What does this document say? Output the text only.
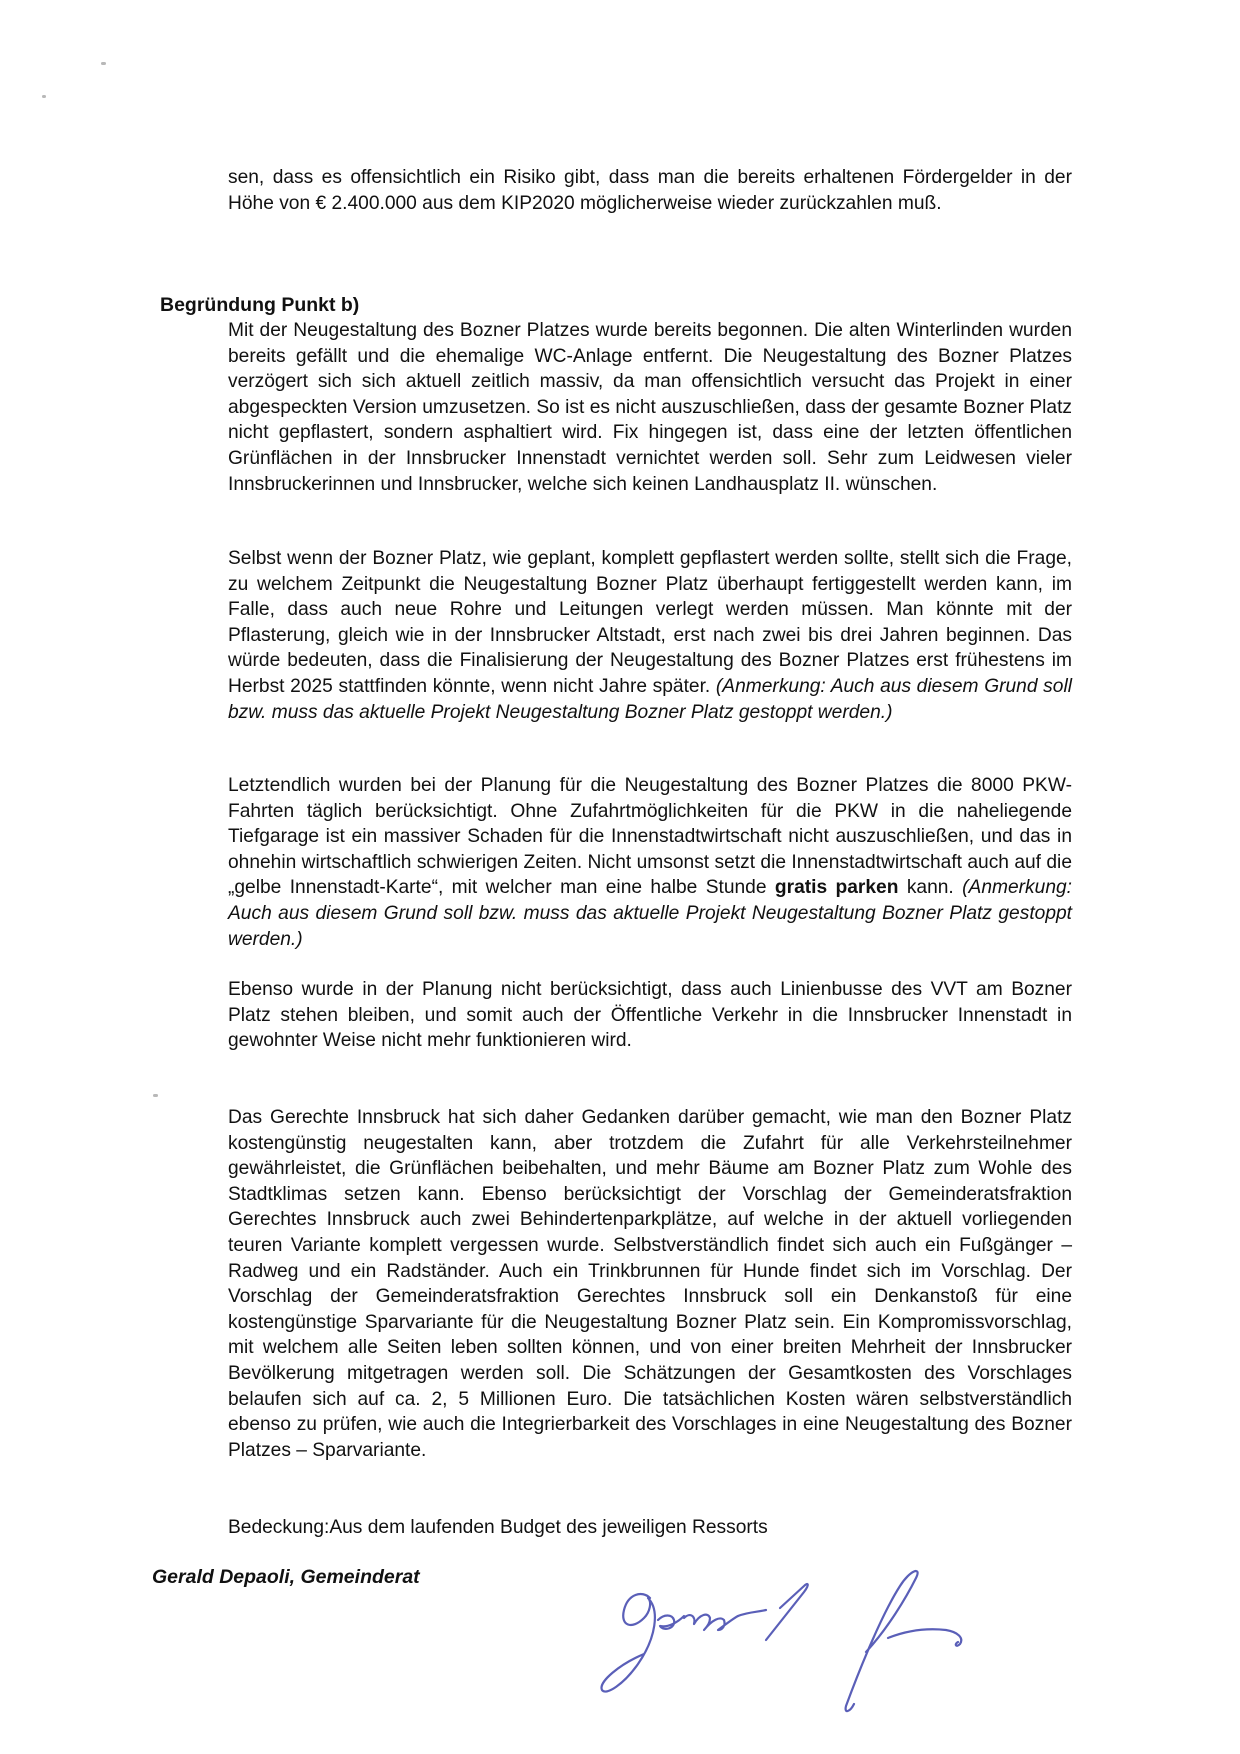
sen, dass es offensichtlich ein Risiko gibt, dass man die bereits erhaltenen Fördergelder in der Höhe von € 2.400.000 aus dem KIP2020 möglicherweise wieder zurückzahlen muß.

Begründung Punkt b)

Mit der Neugestaltung des Bozner Platzes wurde bereits begonnen. Die alten Winterlinden wurden bereits gefällt und die ehemalige WC-Anlage entfernt. Die Neugestaltung des Bozner Platzes verzögert sich sich aktuell zeitlich massiv, da man offensichtlich versucht das Projekt in einer abgespeckten Version umzusetzen. So ist es nicht auszuschließen, dass der gesamte Bozner Platz nicht gepflastert, sondern asphaltiert wird. Fix hingegen ist, dass eine der letzten öffentlichen Grünflächen in der Innsbrucker Innenstadt vernichtet werden soll. Sehr zum Leidwesen vieler Innsbruckerinnen und Innsbrucker, welche sich keinen Landhausplatz II. wünschen.

Selbst wenn der Bozner Platz, wie geplant, komplett gepflastert werden sollte, stellt sich die Frage, zu welchem Zeitpunkt die Neugestaltung Bozner Platz überhaupt fertiggestellt werden kann, im Falle, dass auch neue Rohre und Leitungen verlegt werden müssen. Man könnte mit der Pflasterung, gleich wie in der Innsbrucker Altstadt, erst nach zwei bis drei Jahren beginnen. Das würde bedeuten, dass die Finalisierung der Neugestaltung des Bozner Platzes erst frühestens im Herbst 2025 stattfinden könnte, wenn nicht Jahre später. (Anmerkung: Auch aus diesem Grund soll bzw. muss das aktuelle Projekt Neugestaltung Bozner Platz gestoppt werden.)

Letztendlich wurden bei der Planung für die Neugestaltung des Bozner Platzes die 8000 PKW-Fahrten täglich berücksichtigt. Ohne Zufahrtmöglichkeiten für die PKW in die naheliegende Tiefgarage ist ein massiver Schaden für die Innenstadtwirtschaft nicht auszuschließen, und das in ohnehin wirtschaftlich schwierigen Zeiten. Nicht umsonst setzt die Innenstadtwirtschaft auch auf die „gelbe Innenstadt-Karte“, mit welcher man eine halbe Stunde gratis parken kann. (Anmerkung: Auch aus diesem Grund soll bzw. muss das aktuelle Projekt Neugestaltung Bozner Platz gestoppt werden.)

Ebenso wurde in der Planung nicht berücksichtigt, dass auch Linienbusse des VVT am Bozner Platz stehen bleiben, und somit auch der Öffentliche Verkehr in die Innsbrucker Innenstadt in gewohnter Weise nicht mehr funktionieren wird.

Das Gerechte Innsbruck hat sich daher Gedanken darüber gemacht, wie man den Bozner Platz kostengünstig neugestalten kann, aber trotzdem die Zufahrt für alle Verkehrsteilnehmer gewährleistet, die Grünflächen beibehalten, und mehr Bäume am Bozner Platz zum Wohle des Stadtklimas setzen kann. Ebenso berücksichtigt der Vorschlag der Gemeinderatsfraktion Gerechtes Innsbruck auch zwei Behindertenparkplätze, auf welche in der aktuell vorliegenden teuren Variante komplett vergessen wurde. Selbstverständlich findet sich auch ein Fußgänger – Radweg und ein Radständer. Auch ein Trinkbrunnen für Hunde findet sich im Vorschlag. Der Vorschlag der Gemeinderatsfraktion Gerechtes Innsbruck soll ein Denkanstoß für eine kostengünstige Sparvariante für die Neugestaltung Bozner Platz sein. Ein Kompromissvorschlag, mit welchem alle Seiten leben sollten können, und von einer breiten Mehrheit der Innsbrucker Bevölkerung mitgetragen werden soll. Die Schätzungen der Gesamtkosten des Vorschlages belaufen sich auf ca. 2, 5 Millionen Euro. Die tatsächlichen Kosten wären selbstverständlich ebenso zu prüfen, wie auch die Integrierbarkeit des Vorschlages in eine Neugestaltung des Bozner Platzes – Sparvariante.

Bedeckung:Aus dem laufenden Budget des jeweiligen Ressorts

Gerald Depaoli, Gemeinderat
